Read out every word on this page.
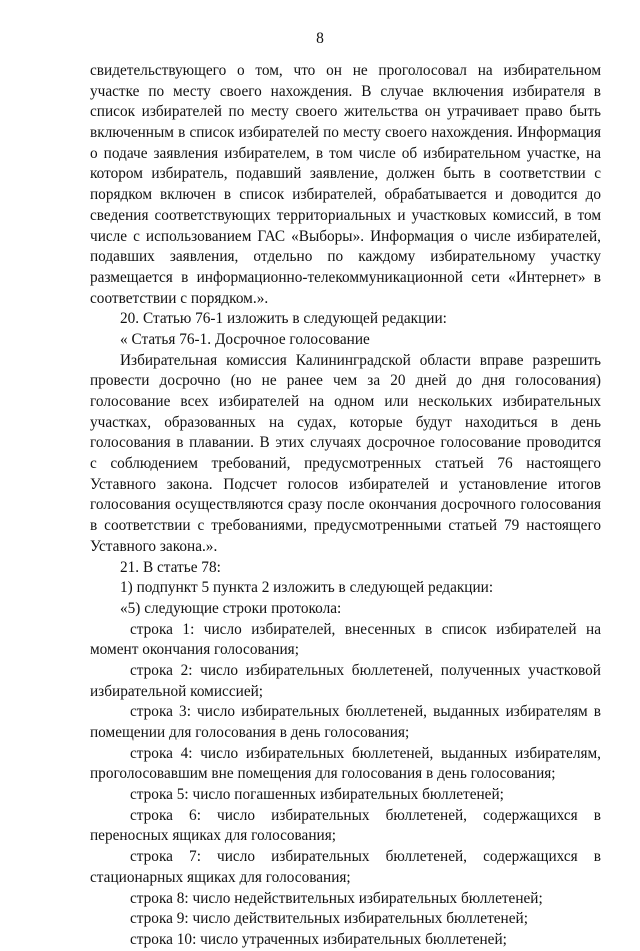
8
свидетельствующего о том, что он не проголосовал на избирательном
участке по месту своего нахождения. В случае включения избирателя в
список избирателей по месту своего жительства он утрачивает право быть
включенным в список избирателей по месту своего нахождения. Информация
о подаче заявления избирателем, в том числе об избирательном участке, на
котором избиратель, подавший заявление, должен быть в соответствии с
порядком включен в список избирателей, обрабатывается и доводится до
сведения соответствующих территориальных и участковых комиссий, в том
числе с использованием ГАС «Выборы». Информация о числе избирателей,
подавших заявления, отдельно по каждому избирательному участку
размещается в информационно-телекоммуникационной сети «Интернет» в
соответствии с порядком.».
20. Статью 76-1 изложить в следующей редакции:
« Статья 76-1. Досрочное голосование
Избирательная комиссия Калининградской области вправе разрешить
провести досрочно (но не ранее чем за 20 дней до дня голосования)
голосование всех избирателей на одном или нескольких избирательных
участках, образованных на судах, которые будут находиться в день
голосования в плавании. В этих случаях досрочное голосование проводится
с соблюдением требований, предусмотренных статьей 76 настоящего
Уставного закона. Подсчет голосов избирателей и установление итогов
голосования осуществляются сразу после окончания досрочного голосования
в соответствии с требованиями, предусмотренными статьей 79 настоящего
Уставного закона.».
21. В статье 78:
1) подпункт 5 пункта 2 изложить в следующей редакции:
«5) следующие строки протокола:
строка 1: число избирателей, внесенных в список избирателей на
момент окончания голосования;
строка 2: число избирательных бюллетеней, полученных участковой
избирательной комиссией;
строка 3: число избирательных бюллетеней, выданных избирателям в
помещении для голосования в день голосования;
строка 4: число избирательных бюллетеней, выданных избирателям,
проголосовавшим вне помещения для голосования в день голосования;
строка 5: число погашенных избирательных бюллетеней;
строка 6: число избирательных бюллетеней, содержащихся в
переносных ящиках для голосования;
строка 7: число избирательных бюллетеней, содержащихся в
стационарных ящиках для голосования;
строка 8: число недействительных избирательных бюллетеней;
строка 9: число действительных избирательных бюллетеней;
строка 10: число утраченных избирательных бюллетеней;
